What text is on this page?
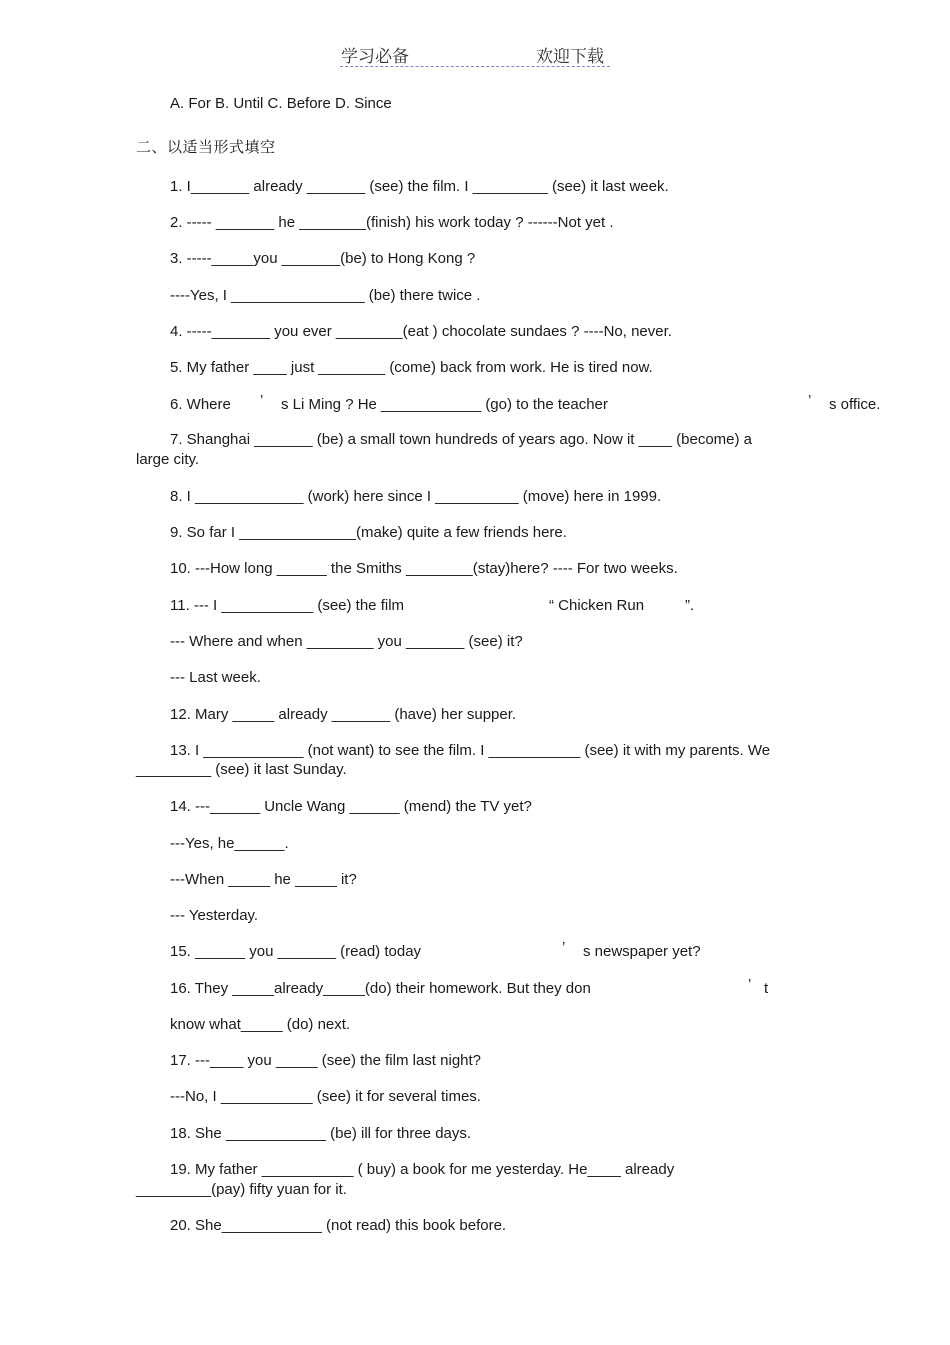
学习必备	欢迎下载
A. For B. Until C. Before D. Since
二、以适当形式填空
1. I_______ already _______ (see) the film. I _________ (see) it last week.
2. ----- _______ he ________(finish) his work today ? ------Not yet .
3. -----_____you _______(be) to Hong Kong ?
----Yes, I ________________ (be) there twice .
4. -----_______ you ever ________(eat ) chocolate sundaes ? ----No, never.
5. My father ____ just ________ (come) back from work. He is tired now.
6. Where ’ s Li Ming ? He ____________ (go) to the teacher	’ s office.
7. Shanghai _______ (be) a small town hundreds of years ago. Now it ____ (become) a
large city.
8. I _____________ (work) here since I __________ (move) here in 1999.
9. So far I ______________(make) quite a few friends here.
10. ---How long ______ the Smiths ________(stay)here? ---- For two weeks.
11. --- I ___________ (see) the film	“ Chicken Run	”.
--- Where and when ________ you _______ (see) it?
--- Last week.
12. Mary _____ already _______ (have) her supper.
13. I ____________ (not want) to see the film. I ___________ (see) it with my parents. We
_________ (see) it last Sunday.
14. ---______ Uncle Wang ______ (mend) the TV yet?
---Yes, he______.
---When _____ he _____ it?
--- Yesterday.
15. ______ you _______ (read) today	’ s newspaper yet?
16. They _____already_____(do) their homework. But they don	’ t
know what_____ (do) next.
17. ---____ you _____ (see) the film last night?
---No, I ___________ (see) it for several times.
18. She ____________ (be) ill for three days.
19. My father ___________ ( buy) a book for me yesterday. He____ already
_________(pay) fifty yuan for it.
20. She____________ (not read) this book before.
